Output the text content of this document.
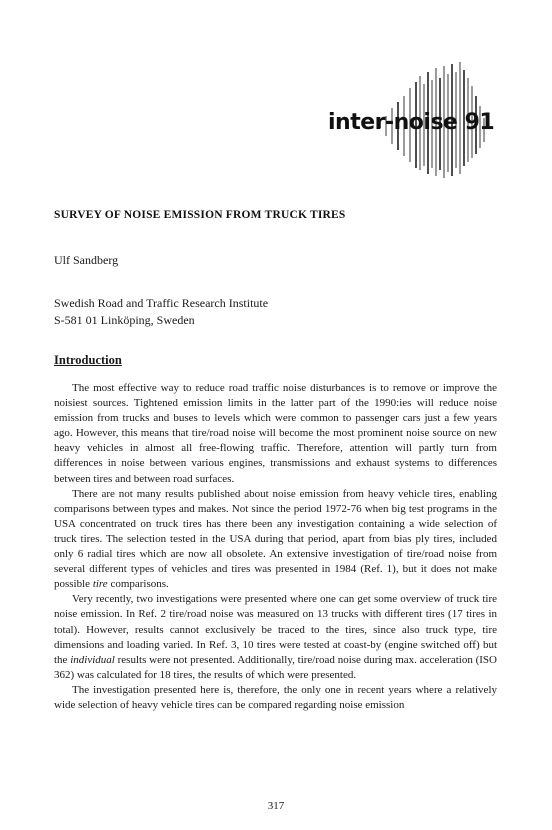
inter-noise 91
SURVEY OF NOISE EMISSION FROM TRUCK TIRES

Ulf Sandberg

Swedish Road and Traffic Research Institute
S-581 01 Linköping, Sweden
Introduction

The most effective way to reduce road traffic noise disturbances is to remove or improve the noisiest sources. Tightened emission limits in the latter part of the 1990:ies will reduce noise emission from trucks and buses to levels which were common to passenger cars just a few years ago. However, this means that tire/road noise will become the most prominent noise source on new heavy vehicles in almost all free-flowing traffic. Therefore, attention will partly turn from differences in noise between various engines, transmissions and exhaust systems to differences between tires and between road surfaces.

There are not many results published about noise emission from heavy vehicle tires, enabling comparisons between types and makes. Not since the period 1972-76 when big test programs in the USA concentrated on truck tires has there been any investigation containing a wide selection of truck tires. The selection tested in the USA during that period, apart from bias ply tires, included only 6 radial tires which are now all obsolete. An extensive investigation of tire/road noise from several different types of vehicles and tires was presented in 1984 (Ref. 1), but it does not make possible tire comparisons.

Very recently, two investigations were presented where one can get some overview of truck tire noise emission. In Ref. 2 tire/road noise was measured on 13 trucks with different tires (17 tires in total). However, results cannot exclusively be traced to the tires, since also truck type, tire dimensions and loading varied. In Ref. 3, 10 tires were tested at coast-by (engine switched off) but the individual results were not presented. Additionally, tire/road noise during max. acceleration (ISO 362) was calculated for 18 tires, the results of which were presented.

The investigation presented here is, therefore, the only one in recent years where a relatively wide selection of heavy vehicle tires can be compared regarding noise emission

317
